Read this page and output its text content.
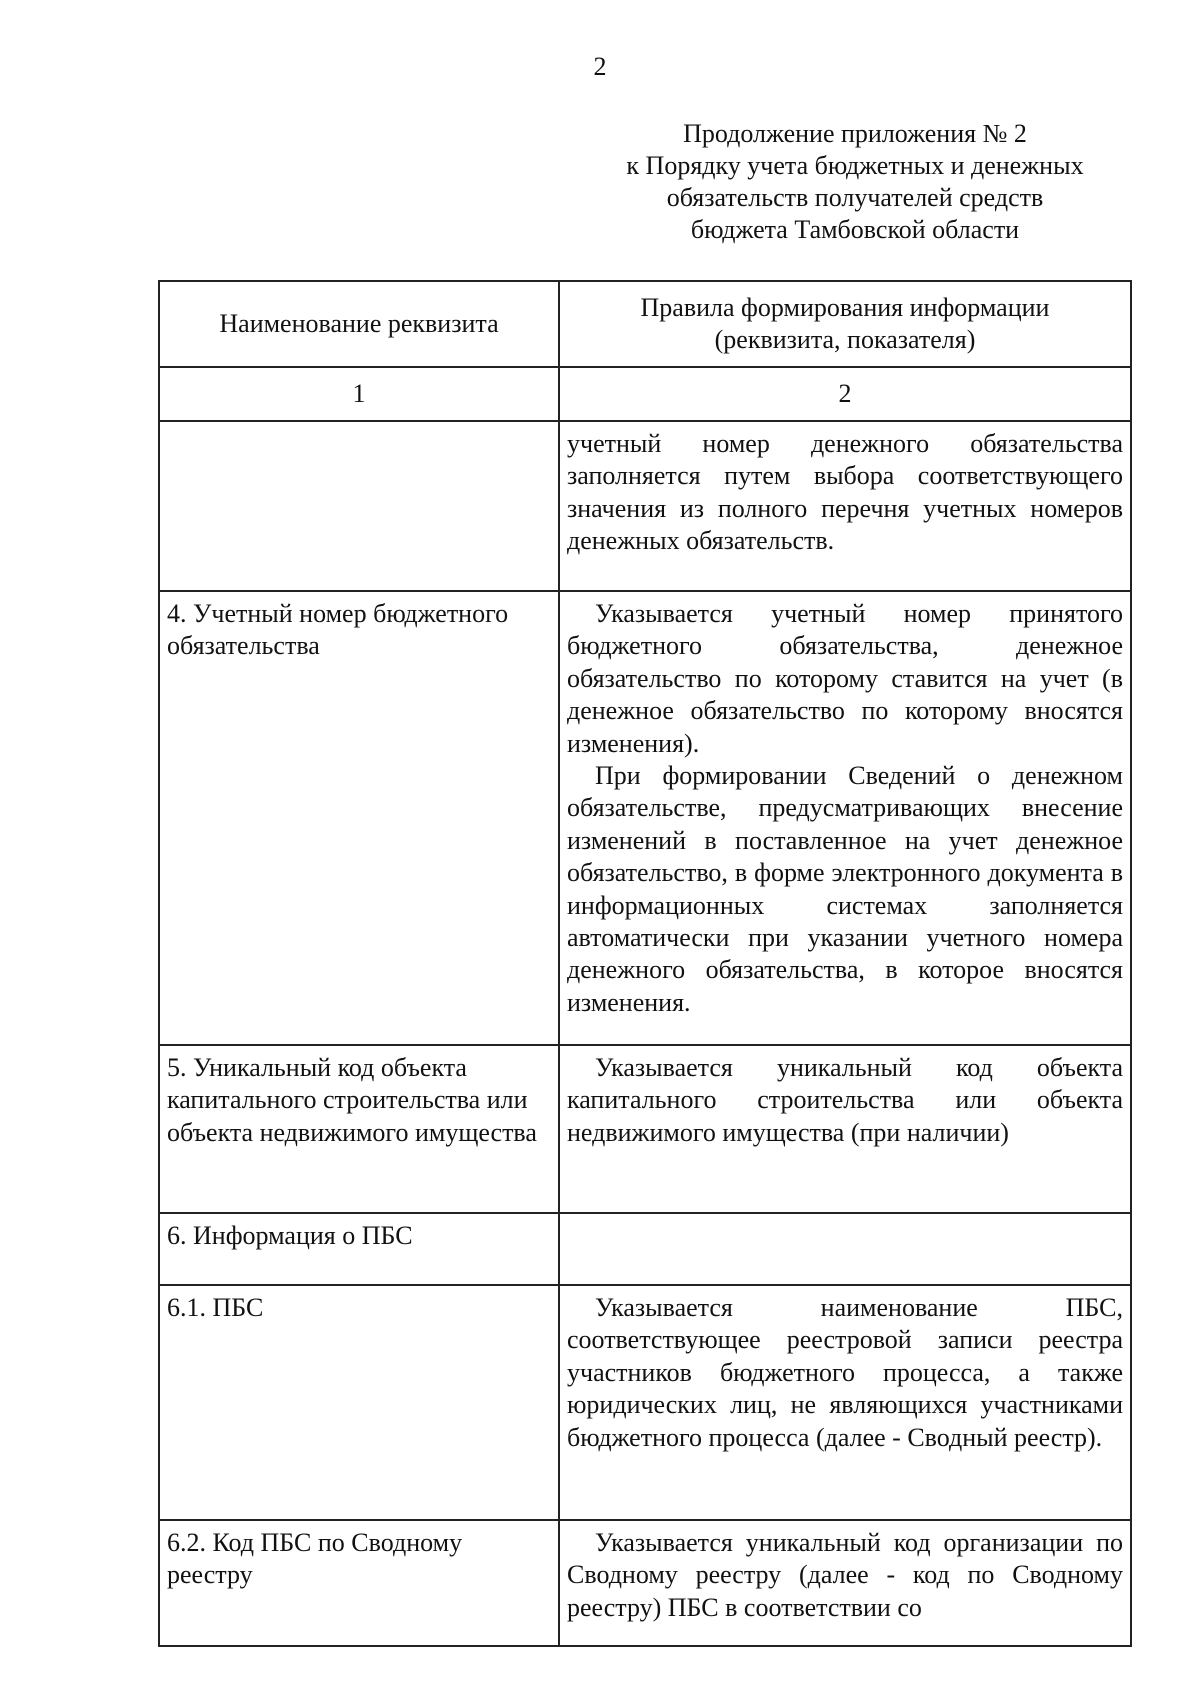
2
Продолжение приложения № 2
к Порядку учета бюджетных и денежных
обязательств получателей средств
бюджета Тамбовской области
Наименование реквизита	Правила формирования информации
(реквизита, показателя)

1	2

	учетный номер денежного обязательства заполняется путем выбора соответствующего значения из полного перечня учетных номеров денежных обязательств.

4. Учетный номер бюджетного обязательства	Указывается учетный номер принятого бюджетного обязательства, денежное обязательство по которому ставится на учет (в денежное обязательство по которому вносятся изменения).

При формировании Сведений о денежном обязательстве, предусматривающих внесение изменений в поставленное на учет денежное обязательство, в форме электронного документа в информационных системах заполняется автоматически при указании учетного номера денежного обязательства, в которое вносятся изменения.

5. Уникальный код объекта капитального строительства или объекта недвижимого имущества	Указывается уникальный код объекта капитального строительства или объекта недвижимого имущества (при наличии)

6. Информация о ПБС	

6.1. ПБС	Указывается наименование ПБС, соответствующее реестровой записи реестра участников бюджетного процесса, а также юридических лиц, не являющихся участниками бюджетного процесса (далее - Сводный реестр).

6.2. Код ПБС по Сводному реестру	Указывается уникальный код организации по Сводному реестру (далее - код по Сводному реестру) ПБС в соответствии со
